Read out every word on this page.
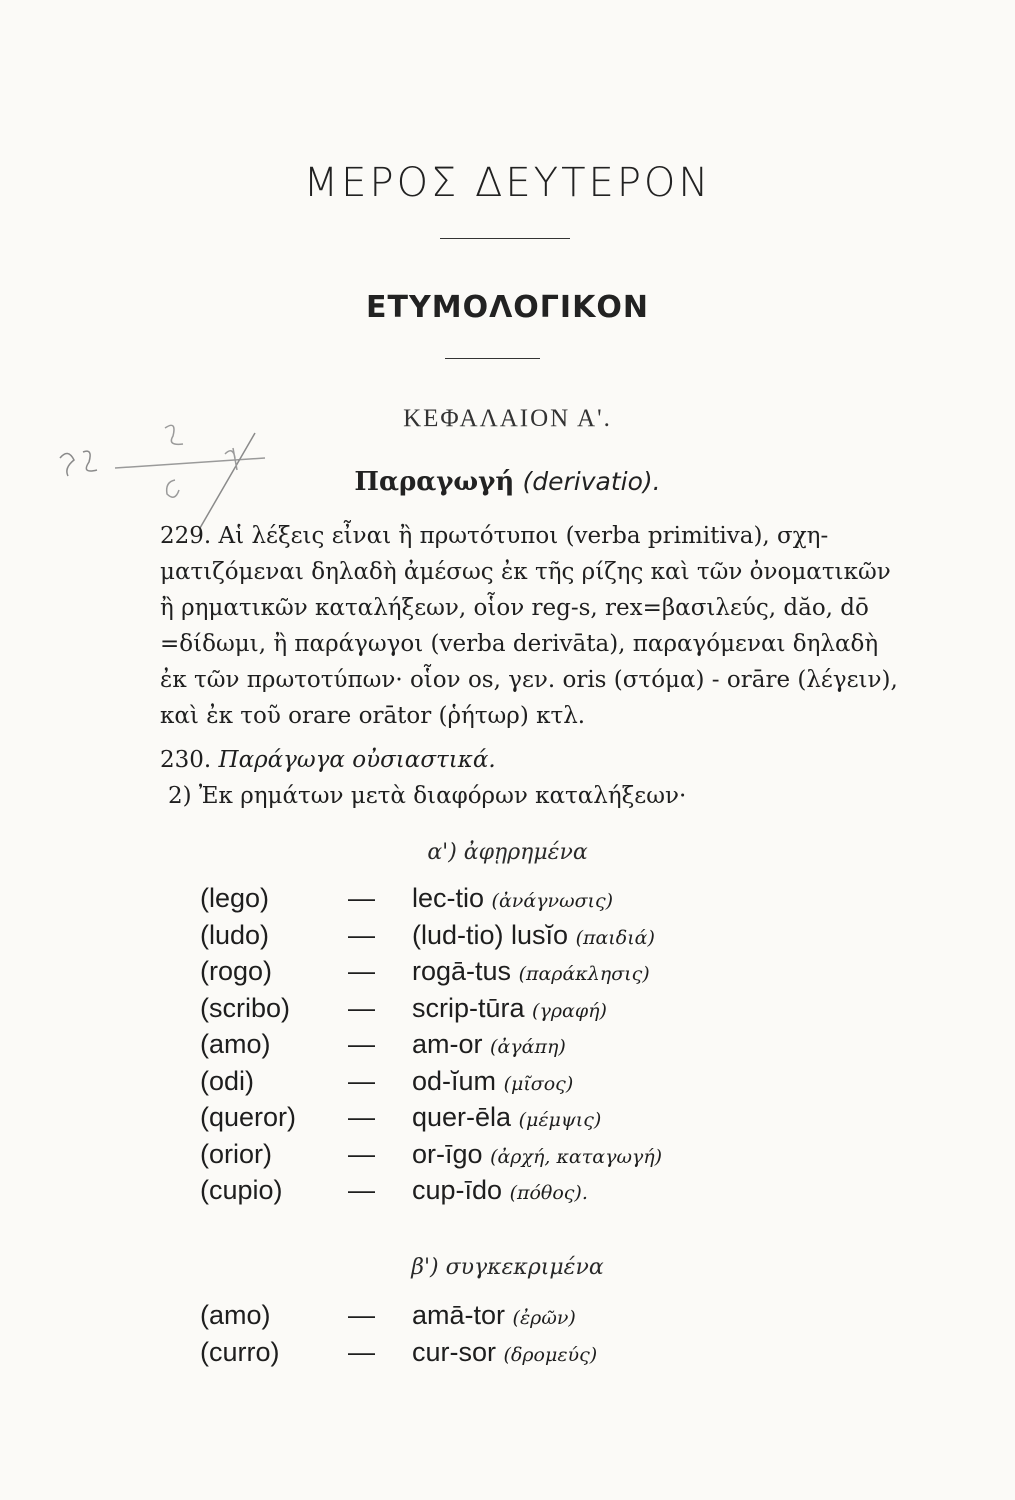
ΜΕΡΟΣ ΔΕΥΤΕΡΟΝ
ΕΤΥΜΟΛΟΓΙΚΟΝ
ΚΕΦΑΛΑΙΟΝ Α'.
Παραγωγή (derivatio).
229. Αἱ λέξεις εἶναι ἢ πρωτότυποι (verba primitiva), σχη-
ματιζόμεναι δηλαδὴ ἀμέσως ἐκ τῆς ρίζης καὶ τῶν ὀνοματικῶν
ἢ ρηματικῶν καταλήξεων, οἷον reg-s, rex=βασιλεύς, dăo, dō
=δίδωμι, ἢ παράγωγοι (verba derivāta), παραγόμεναι δηλαδὴ
ἐκ τῶν πρωτοτύπων· οἷον os, γεν. oris (στόμα) - orāre (λέγειν),
καὶ ἐκ τοῦ orare orātor (ῥήτωρ) κτλ.
230. Παράγωγα οὐσιαστικά.
2) Ἐκ ρημάτων μετὰ διαφόρων καταλήξεων·
α') ἀφῃρημένα
(lego)	— lec-tio (ἀνάγνωσις)
(ludo)	— (lud-tio) lusĭo (παιδιά)
(rogo)	— rogā-tus (παράκλησις)
(scribo) — scrip-tūra (γραφή)
(amo)	— am-or (ἀγάπη)
(odi)	— od-ĭum (μῖσος)
(queror) — quer-ēla (μέμψις)
(orior)	— or-īgo (ἀρχή, καταγωγή)
(cupio) — cup-īdo (πόθος).
β') συγκεκριμένα
(amo)	— amā-tor (ἐρῶν)
(curro)	— cur-sor (δρομεύς)
